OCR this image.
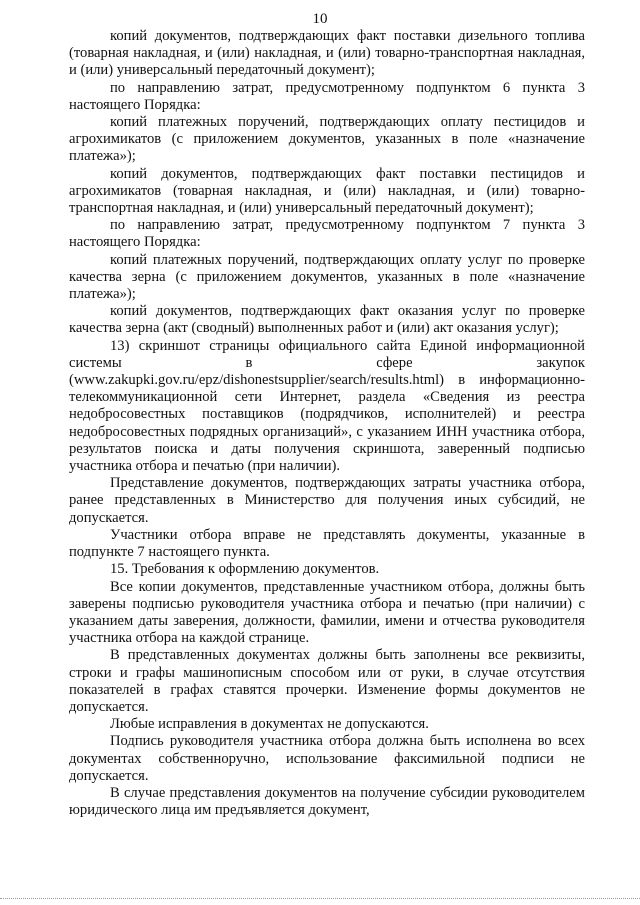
10

копий документов, подтверждающих факт поставки дизельного топлива (товарная накладная, и (или) накладная, и (или) товарно-транспортная накладная, и (или) универсальный передаточный документ);

по направлению затрат, предусмотренному подпунктом 6 пункта 3 настоящего Порядка:

копий платежных поручений, подтверждающих оплату пестицидов и агрохимикатов (с приложением документов, указанных в поле «назначение платежа»);

копий документов, подтверждающих факт поставки пестицидов и агрохимикатов (товарная накладная, и (или) накладная, и (или) товарно-транспортная накладная, и (или) универсальный передаточный документ);

по направлению затрат, предусмотренному подпунктом 7 пункта 3 настоящего Порядка:

копий платежных поручений, подтверждающих оплату услуг по проверке качества зерна (с приложением документов, указанных в поле «назначение платежа»);

копий документов, подтверждающих факт оказания услуг по проверке качества зерна (акт (сводный) выполненных работ и (или) акт оказания услуг);

13) скриншот страницы официального сайта Единой информационной системы в сфере закупок (www.zakupki.gov.ru/epz/dishonestsupplier/search/results.html) в информационно-телекоммуникационной сети Интернет, раздела «Сведения из реестра недобросовестных поставщиков (подрядчиков, исполнителей) и реестра недобросовестных подрядных организаций», с указанием ИНН участника отбора, результатов поиска и даты получения скриншота, заверенный подписью участника отбора и печатью (при наличии).

Представление документов, подтверждающих затраты участника отбора, ранее представленных в Министерство для получения иных субсидий, не допускается.

Участники отбора вправе не представлять документы, указанные в подпункте 7 настоящего пункта.

15. Требования к оформлению документов.

Все копии документов, представленные участником отбора, должны быть заверены подписью руководителя участника отбора и печатью (при наличии) с указанием даты заверения, должности, фамилии, имени и отчества руководителя участника отбора на каждой странице.

В представленных документах должны быть заполнены все реквизиты, строки и графы машинописным способом или от руки, в случае отсутствия показателей в графах ставятся прочерки. Изменение формы документов не допускается.

Любые исправления в документах не допускаются.

Подпись руководителя участника отбора должна быть исполнена во всех документах собственноручно, использование факсимильной подписи не допускается.

В случае представления документов на получение субсидии руководителем юридического лица им предъявляется документ,
